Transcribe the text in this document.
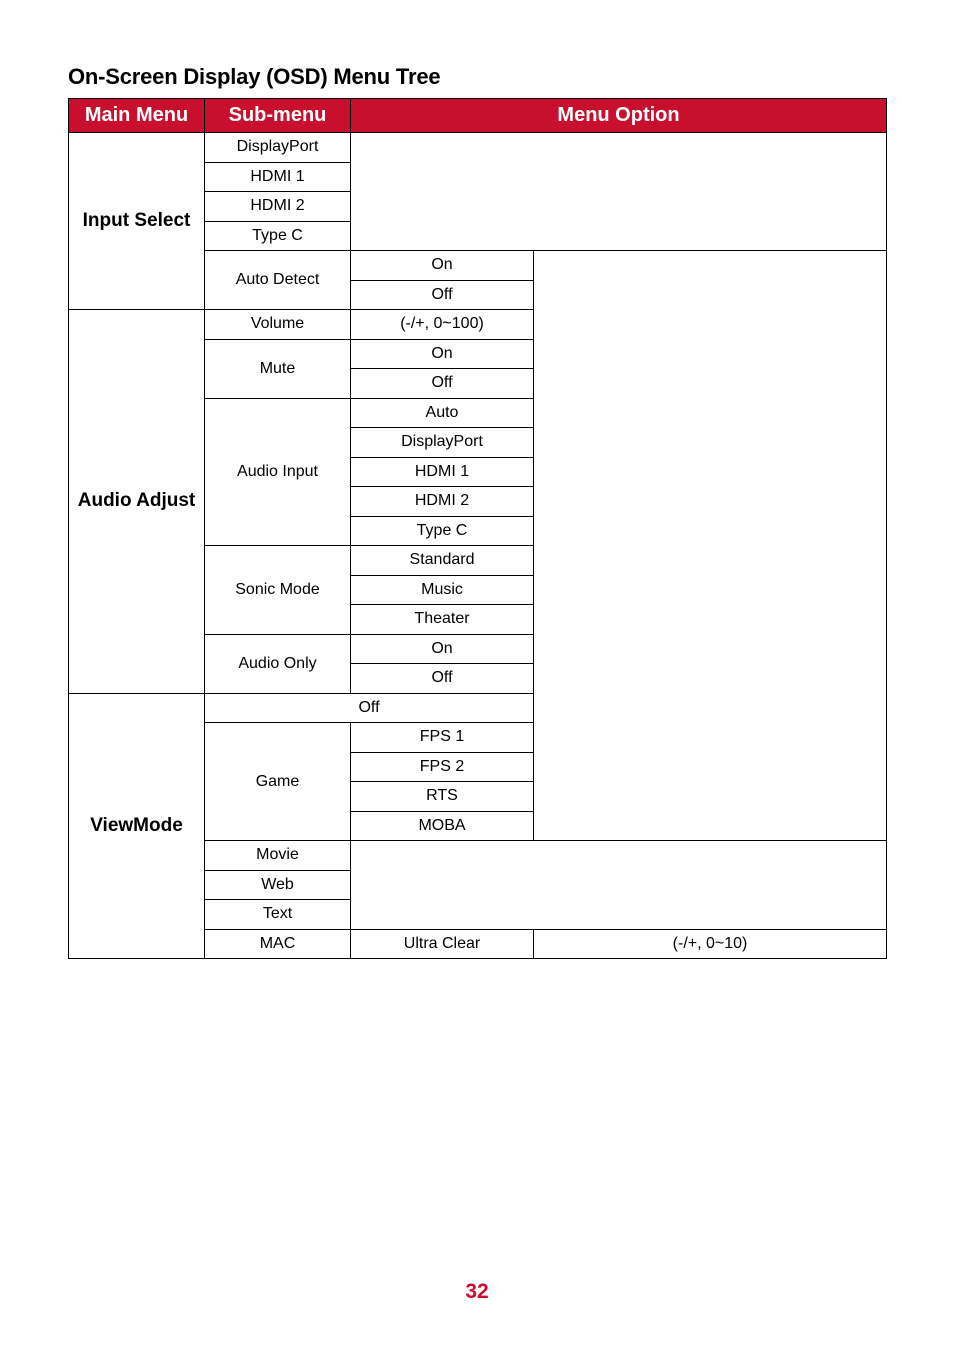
On-Screen Display (OSD) Menu Tree
Main Menu	Sub-menu	Menu Option	
Input Select	DisplayPort		
	HDMI 1		
	HDMI 2		
	Type C		
	Auto Detect	On	
		Off	
Audio Adjust	Volume	(-/+, 0~100)	
	Mute	On	
		Off	
	Audio Input	Auto	
		DisplayPort	
		HDMI 1	
		HDMI 2	
		Type C	
	Sonic Mode	Standard	
		Music	
		Theater	
	Audio Only	On	
		Off	
ViewMode	Off		
	Game	FPS 1	
		FPS 2	
		RTS	
		MOBA	
	Movie		
	Web		
	Text		
	MAC	Ultra Clear	(-/+, 0~10)
32
